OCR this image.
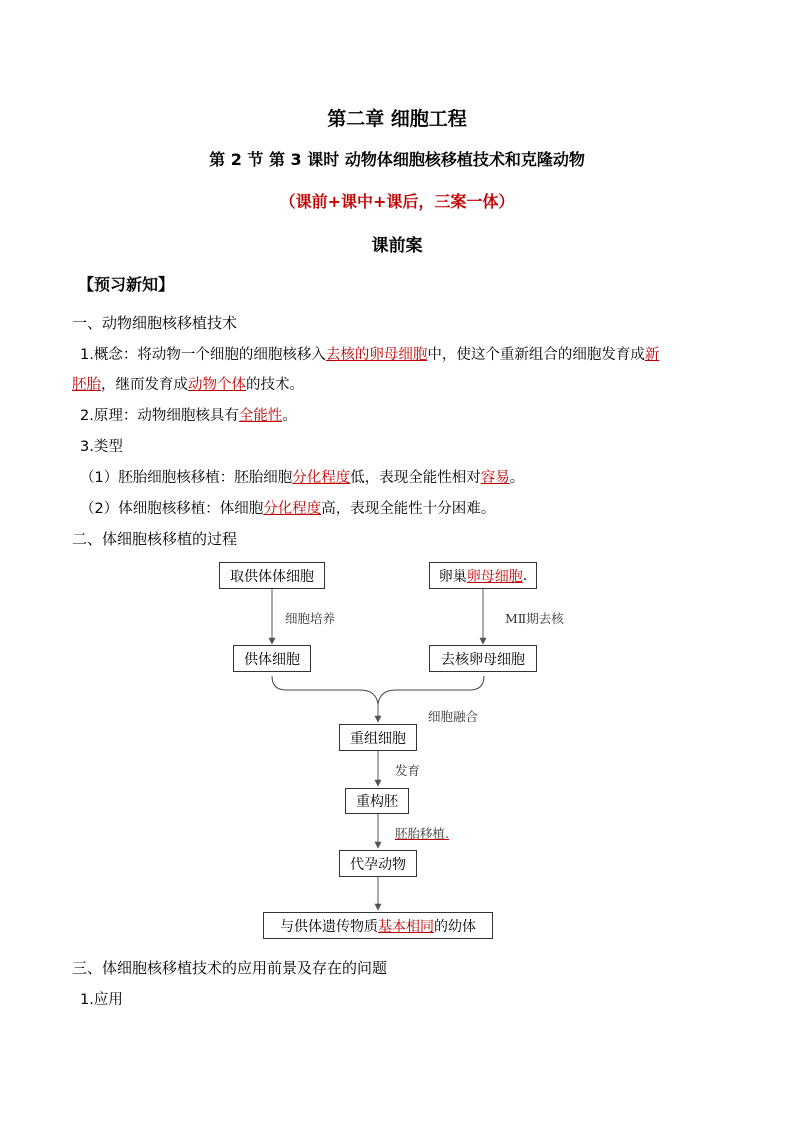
第二章 细胞工程
第 2 节 第 3 课时 动物体细胞核移植技术和克隆动物
（课前+课中+课后，三案一体）
课前案
【预习新知】
一、动物细胞核移植技术
1.概念：将动物一个细胞的细胞核移入去核的卵母细胞中，使这个重新组合的细胞发育成新
胚胎，继而发育成动物个体的技术。
2.原理：动物细胞核具有全能性。
3.类型
（1）胚胎细胞核移植：胚胎细胞分化程度低，表现全能性相对容易。
（2）体细胞核移植：体细胞分化程度高，表现全能性十分困难。
二、体细胞核移植的过程
取供体体细胞	卵巢 卵母细胞 .
细胞培养	MⅡ期去核
供体细胞	去核卵母细胞
细胞融合
重组细胞
发育
重构胚
胚胎移植.
代孕动物
与供体遗传物质 基本相同 的幼体
三、体细胞核移植技术的应用前景及存在的问题
1.应用
